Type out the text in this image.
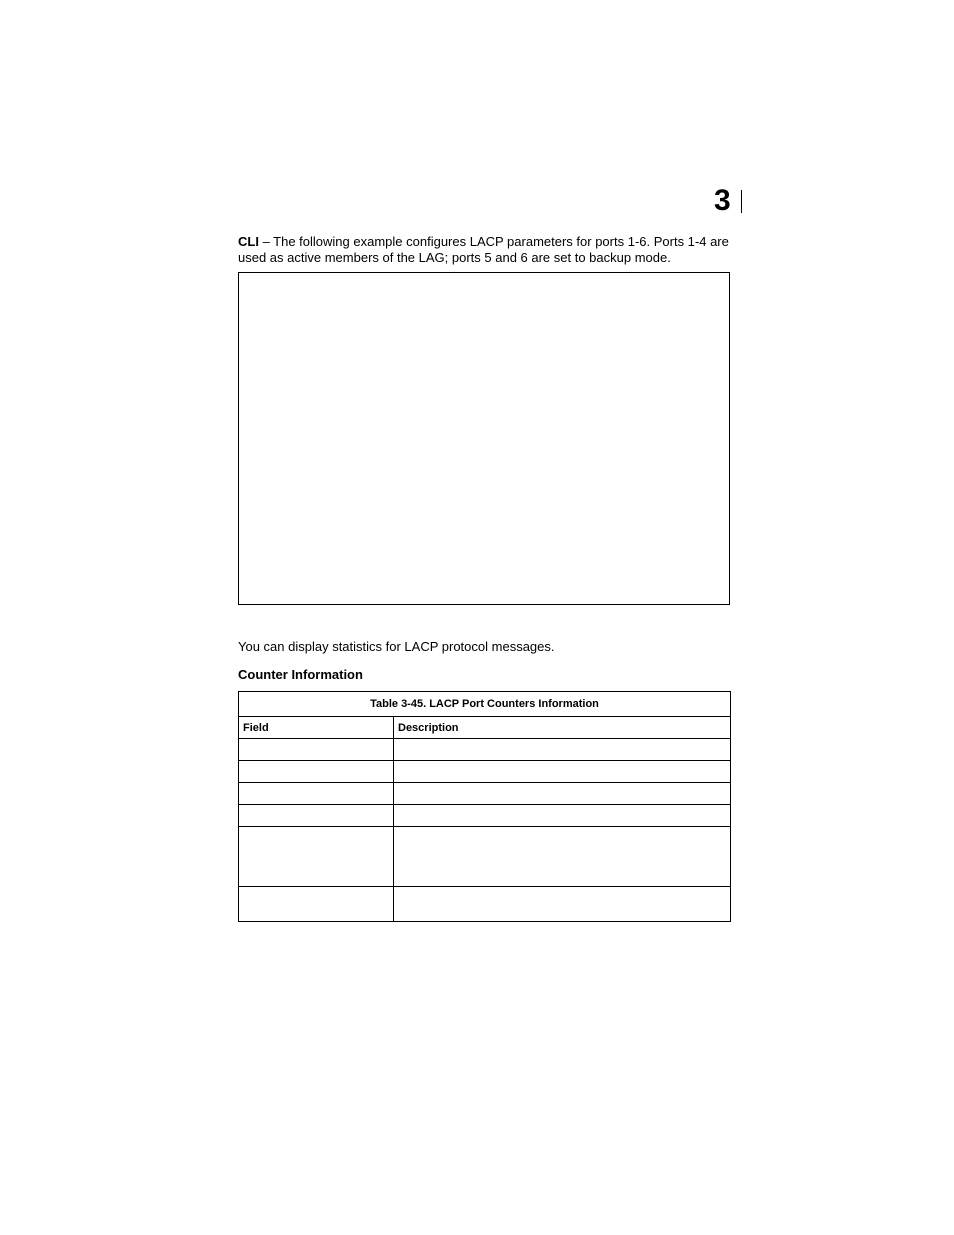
3

CLI – The following example configures LACP parameters for ports 1-6. Ports 1-4 are used as active members of the LAG; ports 5 and 6 are set to backup mode.

You can display statistics for LACP protocol messages.

Counter Information

Table 3-45. LACP Port Counters Information	
Field	Description
